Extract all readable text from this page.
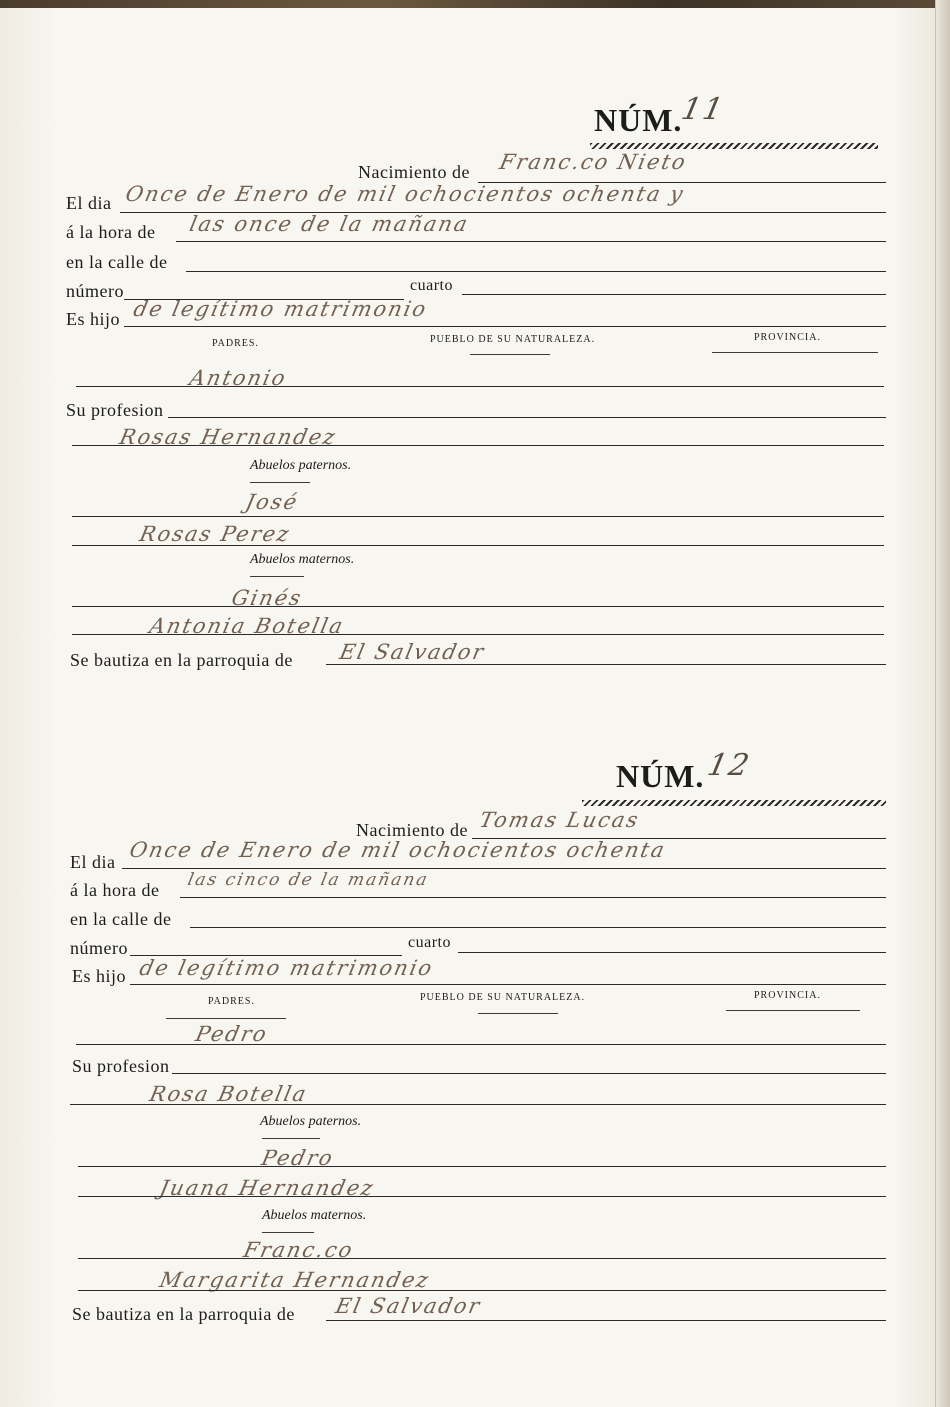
NÚM.
11
Nacimiento de Franc.co Nieto
El dia Once de Enero de mil ochocientos ochenta y
á la hora de las once de la mañana
en la calle de
número	cuarto
Es hijo de legítimo matrimonio
PADRES.	PUEBLO DE SU NATURALEZA.	PROVINCIA.
Antonio
Su profesion
Rosas Hernandez
Abuelos paternos.
José
Rosas Perez
Abuelos maternos.
Ginés
Antonia Botella
Se bautiza en la parroquia de El Salvador
NÚM. 12
Nacimiento de Tomas Lucas
El dia Once de Enero de mil ochocientos ochenta
á la hora de las cinco de la mañana
en la calle de
número	cuarto
Es hijo de legítimo matrimonio
PADRES.	PUEBLO DE SU NATURALEZA.	PROVINCIA.
Pedro
Su profesion
Rosa Botella
Abuelos paternos.
Pedro
Juana Hernandez
Abuelos maternos.
Franc.co
Margarita Hernandez
Se bautiza en la parroquia de El Salvador
